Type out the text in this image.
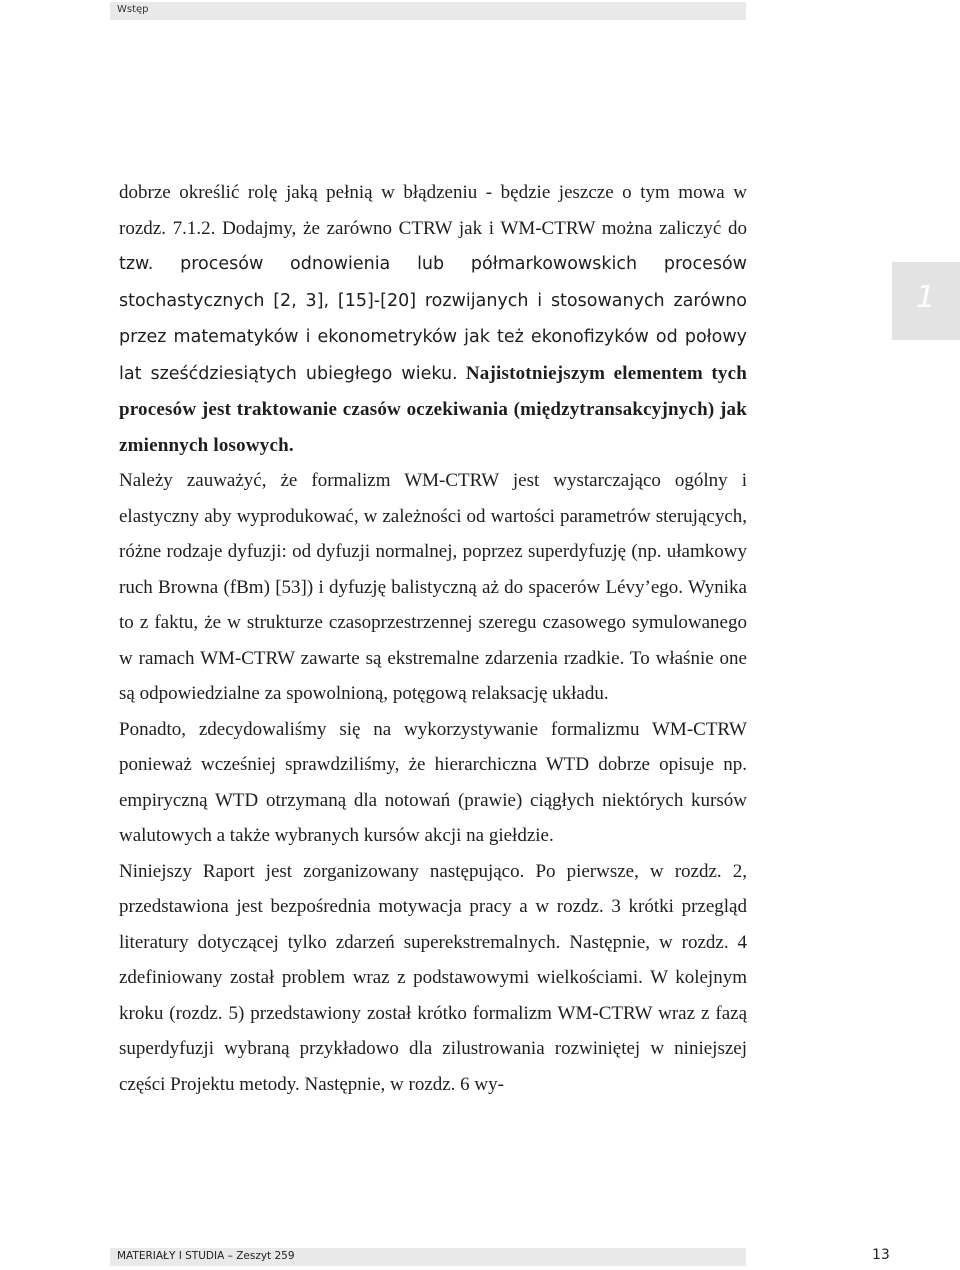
Wstęp
1

dobrze określić rolę jaką pełnią w błądzeniu - będzie jeszcze o tym mowa w rozdz. 7.1.2. Dodajmy, że zarówno CTRW jak i WM-CTRW można zaliczyć do tzw. procesów odnowienia lub półmarkowowskich procesów stochastycznych [2, 3], [15]-[20] rozwijanych i stosowanych zarówno przez matematyków i ekonometryków jak też ekonofizyków od połowy lat sześćdziesiątych ubiegłego wieku. Najistotniejszym elementem tych procesów jest traktowanie czasów oczekiwania (międzytransakcyjnych) jak zmiennych losowych.

Należy zauważyć, że formalizm WM-CTRW jest wystarczająco ogólny i elastyczny aby wyprodukować, w zależności od wartości parametrów sterujących, różne rodzaje dyfuzji: od dyfuzji normalnej, poprzez superdyfuzję (np. ułamkowy ruch Browna (fBm) [53]) i dyfuzję balistyczną aż do spacerów Lévy’ego. Wynika to z faktu, że w strukturze czasoprzestrzennej szeregu czasowego symulowanego w ramach WM-CTRW zawarte są ekstremalne zdarzenia rzadkie. To właśnie one są odpowiedzialne za spowolnioną, potęgową relaksację układu.

Ponadto, zdecydowaliśmy się na wykorzystywanie formalizmu WM-CTRW ponieważ wcześniej sprawdziliśmy, że hierarchiczna WTD dobrze opisuje np. empiryczną WTD otrzymaną dla notowań (prawie) ciągłych niektórych kursów walutowych a także wybranych kursów akcji na giełdzie.

Niniejszy Raport jest zorganizowany następująco. Po pierwsze, w rozdz. 2, przedstawiona jest bezpośrednia motywacja pracy a w rozdz. 3 krótki przegląd literatury dotyczącej tylko zdarzeń superekstremalnych. Następnie, w rozdz. 4 zdefiniowany został problem wraz z podstawowymi wielkościami. W kolejnym kroku (rozdz. 5) przedstawiony został krótko formalizm WM-CTRW wraz z fazą superdyfuzji wybraną przykładowo dla zilustrowania rozwiniętej w niniejszej części Projektu metody. Następnie, w rozdz. 6 wy-

MATERIAŁY I STUDIA – Zeszyt 259	13
